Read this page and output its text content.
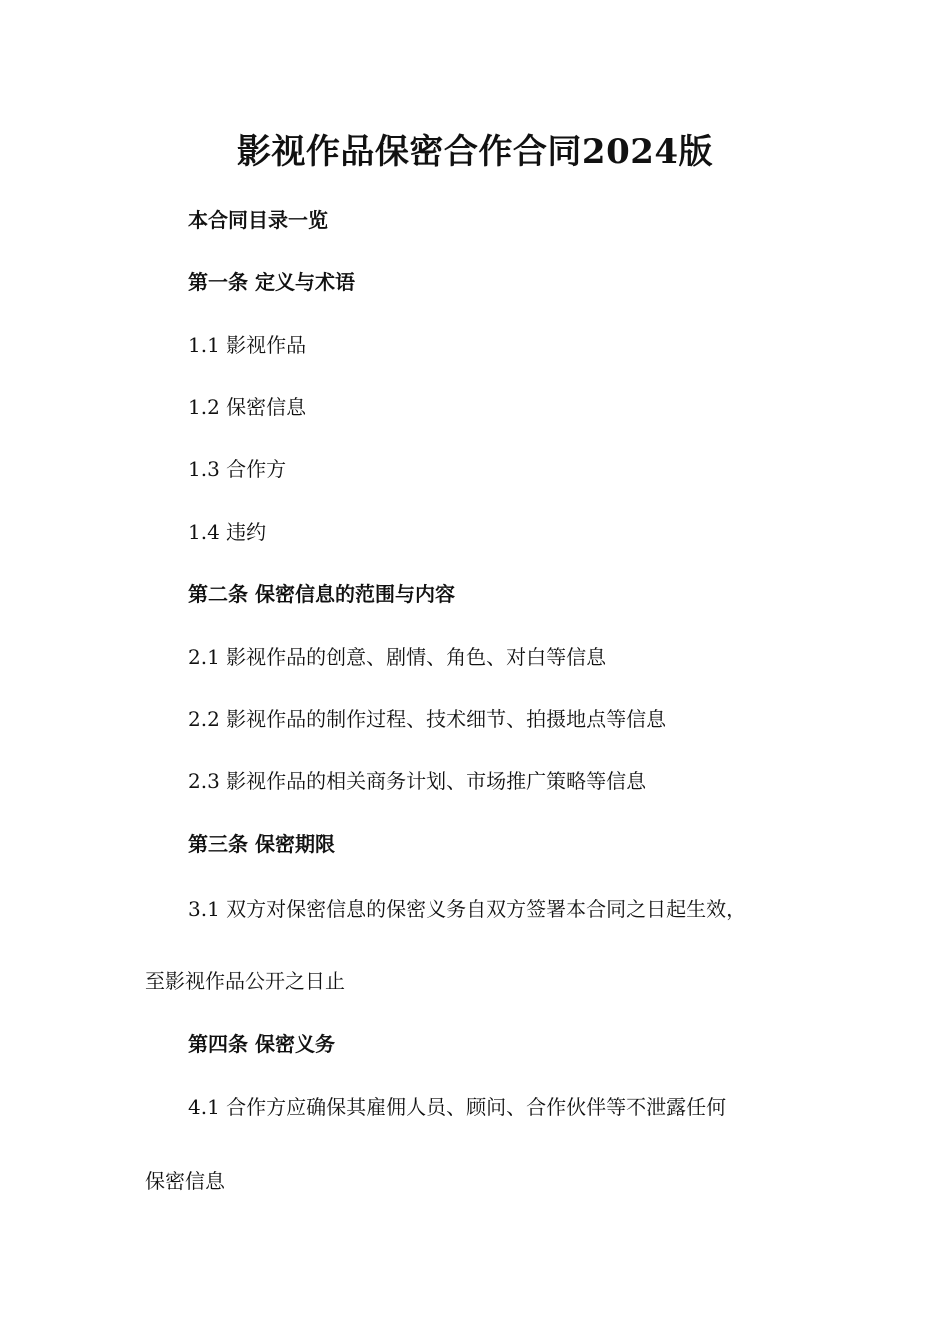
影视作品保密合作合同2024版
本合同目录一览
第一条 定义与术语
1.1 影视作品
1.2 保密信息
1.3 合作方
1.4 违约
第二条 保密信息的范围与内容
2.1 影视作品的创意、剧情、角色、对白等信息
2.2 影视作品的制作过程、技术细节、拍摄地点等信息
2.3 影视作品的相关商务计划、市场推广策略等信息
第三条 保密期限
3.1 双方对保密信息的保密义务自双方签署本合同之日起生效，
至影视作品公开之日止
第四条 保密义务
4.1 合作方应确保其雇佣人员、顾问、合作伙伴等不泄露任何
保密信息
